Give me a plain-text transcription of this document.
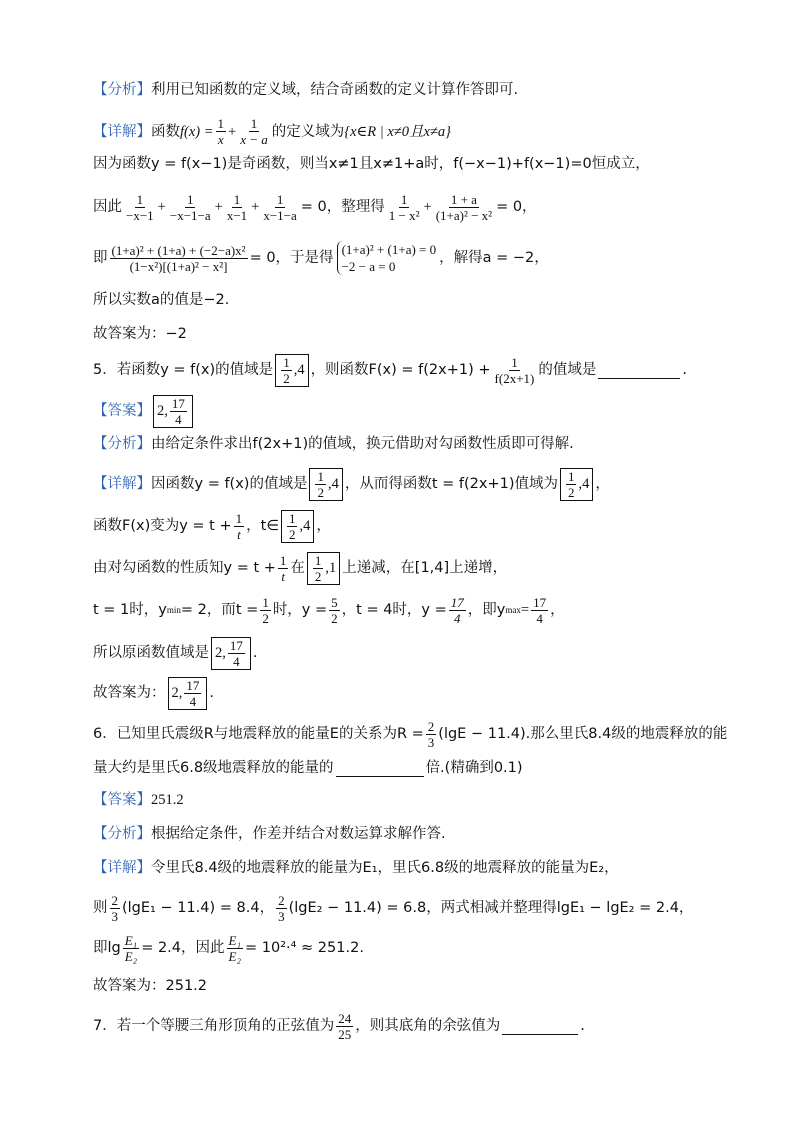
【分析】 利用已知函数的定义域，结合奇函数的定义计算作答即可.
【详解】 函数 $f(x) = \frac{1}{x} + \frac{1}{x - a}$ 的定义域为 {x∈R | x≠0且x≠a}
因为函数y = f(x−1)是奇函数，则当x≠1且x≠1+a时，f(−x−1)+f(x−1)=0恒成立，
因此 $\frac{1}{-x-1} + \frac{1}{-x-1-a} + \frac{1}{x-1} + \frac{1}{x-1-a} = 0$，整理得 $\frac{1}{\text{1 − x²}} + \frac{1 + a}{\text{(1+a)² − x²}} = 0$，
即 $\frac{\text{(1+a)² + (1+a) + (−2−a)x²}}{\text{(1−x²)[(1+a)² − x²]}} = 0$，于是得
(1+a)² + (1+a) = 0
−2 − a = 0
，解得a = −2，
所以实数a的值是−2.
故答案为：−2
5．若函数y = f(x)的值域是 $\frac{1}{2} ,4$ ，则函数$F(x) = f(2x+1) + \frac{1}{f(2x+1)}$ 的值域是	.
【答案】 2, $\frac{17}{4}$
【分析】 由给定条件求出f(2x+1)的值域，换元借助对勾函数性质即可得解.
【详解】 因函数y = f(x)的值域是 $\frac{1}{2} ,4$ ，从而得函数t = f(2x+1)值域为 $\frac{1}{2} ,4$ ，
函数F(x)变为$y = t + \frac{1}{t}$ ，t∈ $\frac{1}{2} ,4$ ，
由对勾函数的性质知$y = t + \frac{1}{t}$ 在 $\frac{1}{2} ,1$ 上递减，在[1,4]上递增，
t = 1时，y min = 2，而$t = \frac{1}{2}$ 时，$y = \frac{5}{2}$ ，t = 4时，$y = \frac{17}{4}$ ，即y $\max = \frac{17}{4}$ ，
所以原函数值域是 2, $\frac{17}{4}$ .
故答案为： 2, $\frac{17}{4}$ .
6．已知里氏震级R与地震释放的能量E的关系为$R = \frac{2}{3} (\lg E - 11.4)$.那么里氏8.4级的地震释放的能
量大约是里氏6.8级地震释放的能量的	倍.(精确到0.1)
【答案】 251.2
【分析】 根据给定条件，作差并结合对数运算求解作答.
【详解】 令里氏8.4级的地震释放的能量为E₁，里氏6.8级的地震释放的能量为E₂，
则 $\frac{2}{3} (\lg E_1 - 11.4) = 8.4$， $\frac{2}{3} (\lg E_2 - 11.4) = 6.8$，两式相减并整理得lgE₁ − lgE₂ = 2.4，
即$\lg \frac{\text{E₁}}{\text{E₂}} = 2.4$，因此 $\frac{\text{E₁}}{\text{E₂}} = 10^2\cdot^4 \approx 251.2$.
故答案为：251.2
7．若一个等腰三角形顶角的正弦值为 $\frac{24}{25}$ ，则其底角的余弦值为	.
